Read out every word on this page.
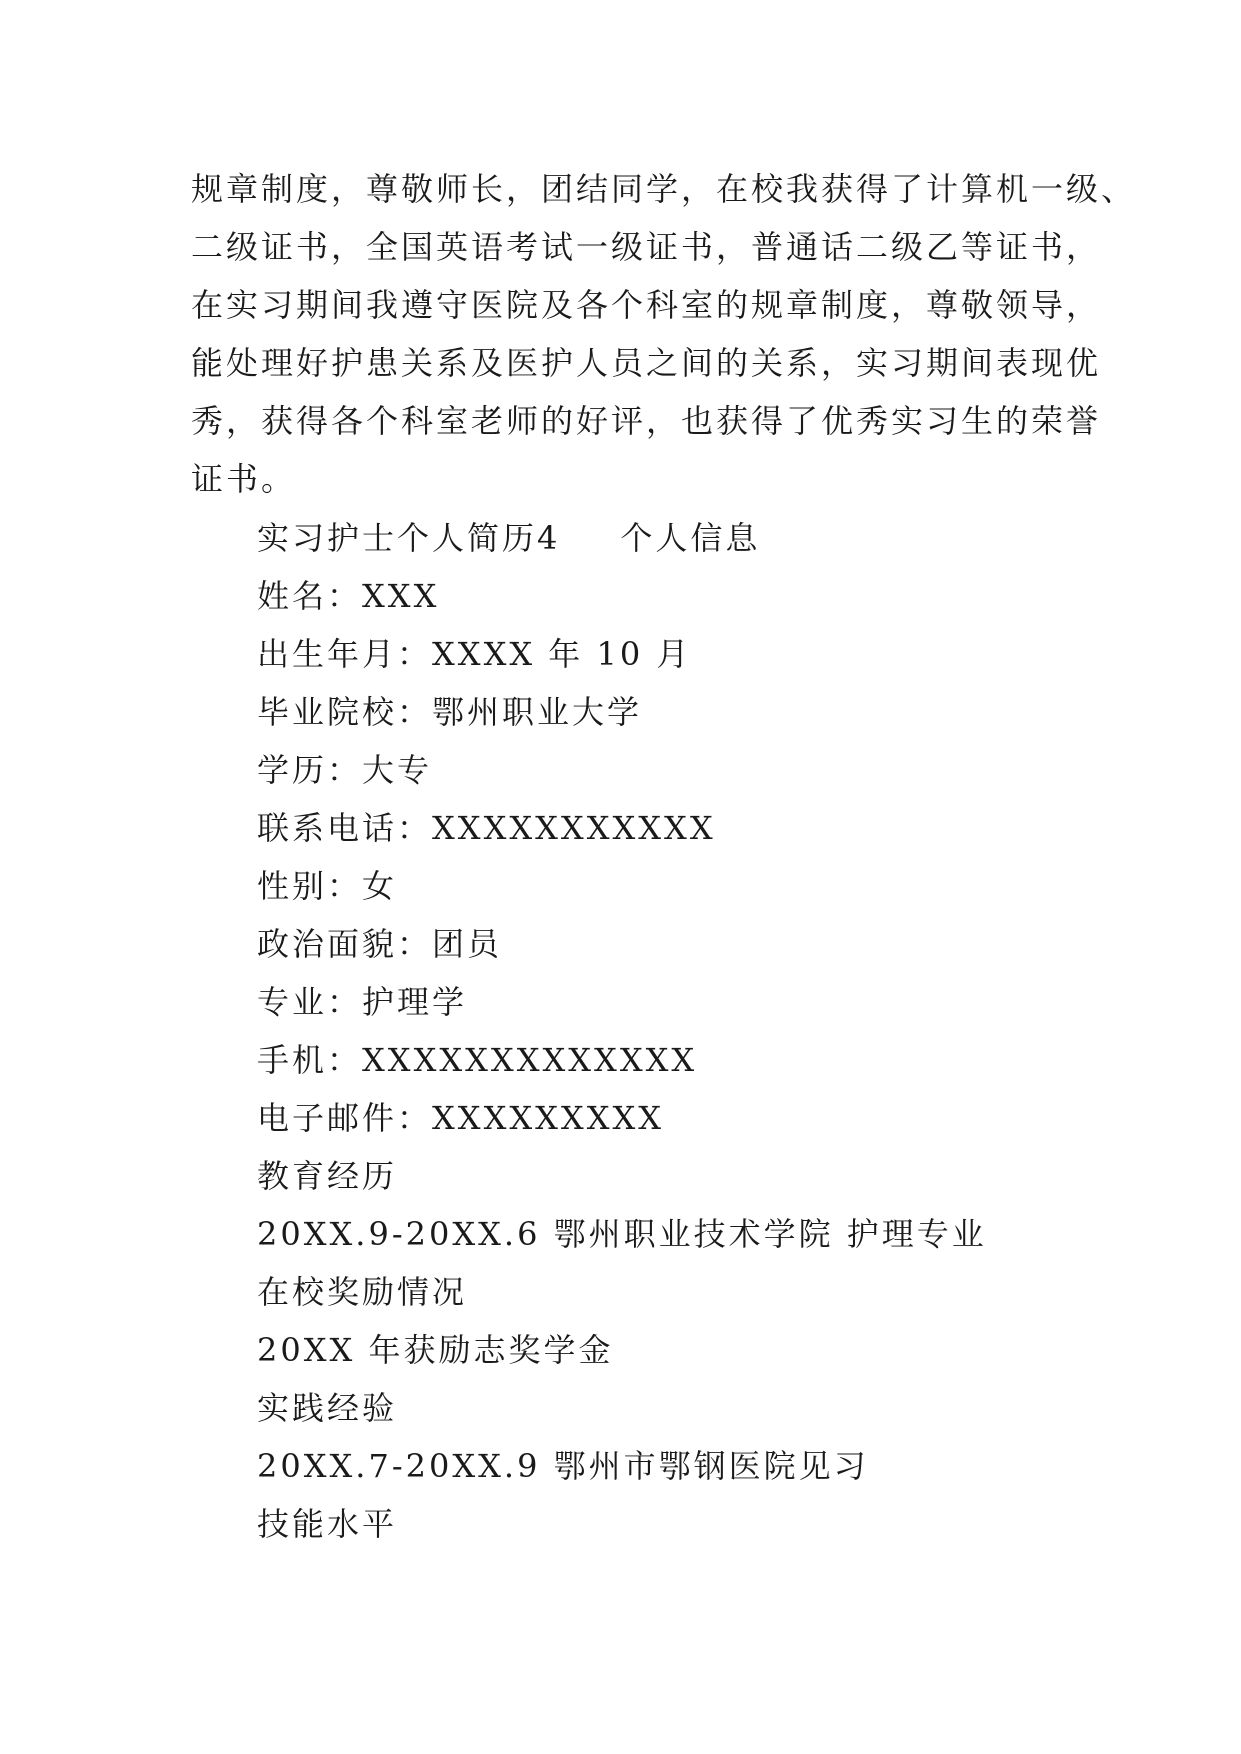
规章制度，尊敬师长，团结同学，在校我获得了计算机一级、
二级证书，全国英语考试一级证书，普通话二级乙等证书，
在实习期间我遵守医院及各个科室的规章制度，尊敬领导，
能处理好护患关系及医护人员之间的关系，实习期间表现优
秀，获得各个科室老师的好评，也获得了优秀实习生的荣誉
证书。
实习护士个人简历4 个人信息
姓名：XXX
出生年月：XXXX 年 10 月
毕业院校：鄂州职业大学
学历：大专
联系电话：XXXXXXXXXXX
性别：女
政治面貌：团员
专业：护理学
手机：XXXXXXXXXXXXX
电子邮件：XXXXXXXXX
教育经历
20XX.9-20XX.6 鄂州职业技术学院 护理专业
在校奖励情况
20XX 年获励志奖学金
实践经验
20XX.7-20XX.9 鄂州市鄂钢医院见习
技能水平
